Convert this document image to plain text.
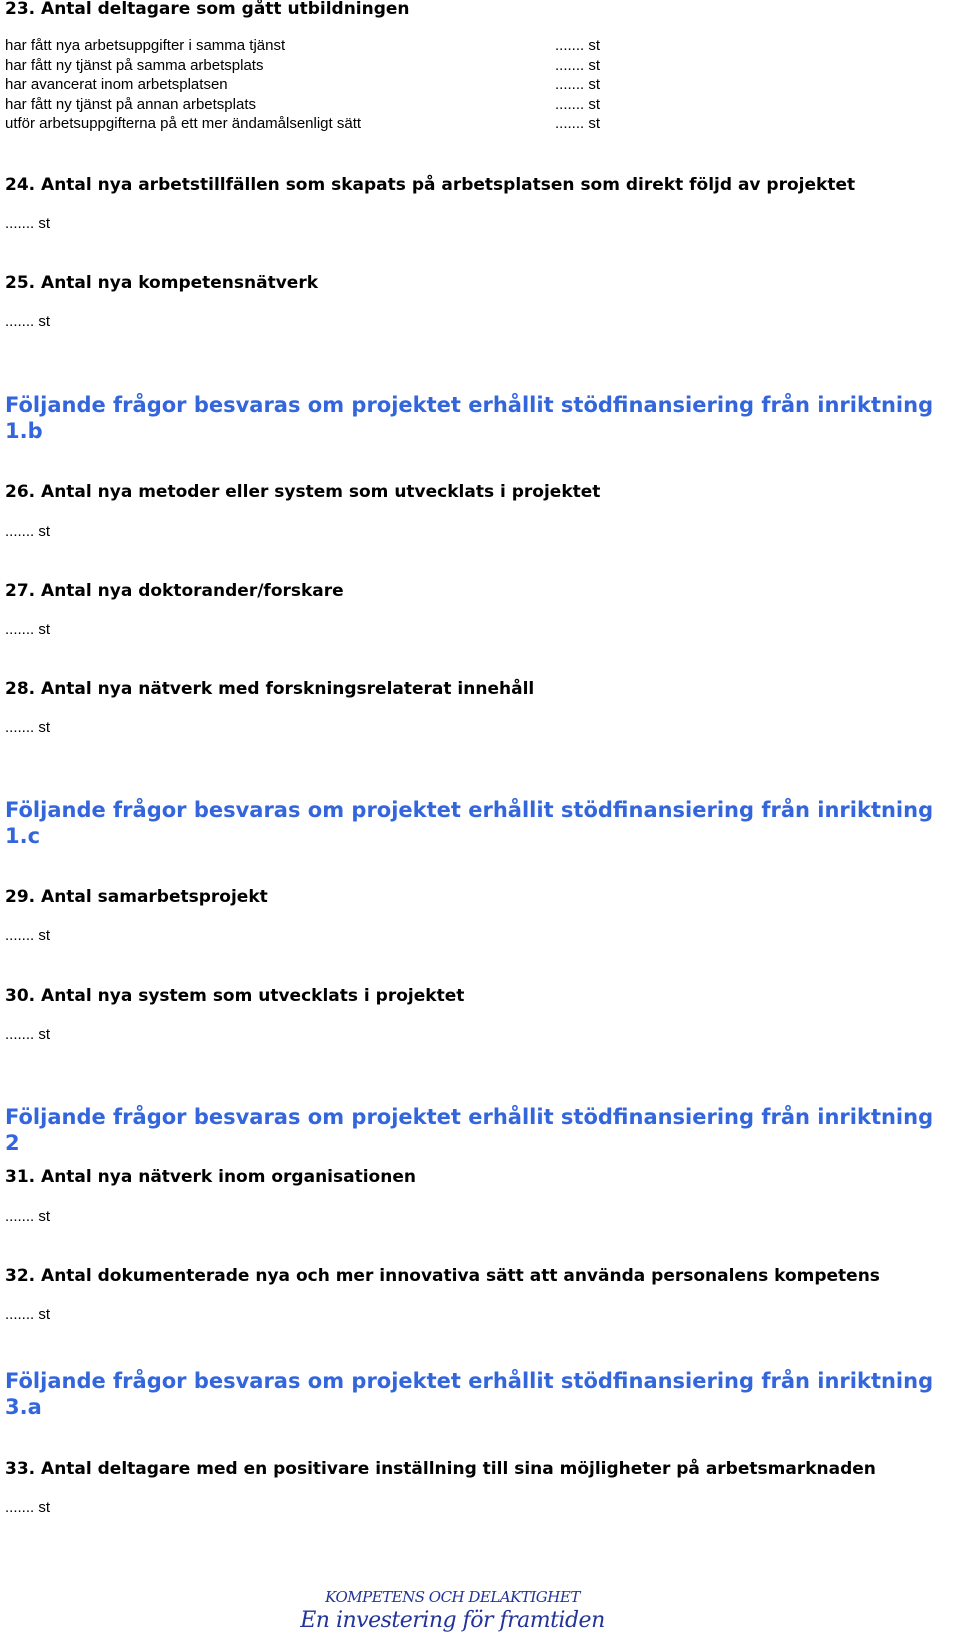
23. Antal deltagare som gått utbildningen

har fått nya arbetsuppgifter i samma tjänst	....... st
har fått ny tjänst på samma arbetsplats	....... st
har avancerat inom arbetsplatsen	....... st
har fått ny tjänst på annan arbetsplats	....... st
utför arbetsuppgifterna på ett mer ändamålsenligt sätt	....... st

24. Antal nya arbetstillfällen som skapats på arbetsplatsen som direkt följd av projektet

....... st

25. Antal nya kompetensnätverk

....... st

Följande frågor besvaras om projektet erhållit stödfinansiering från inriktning 1.b

26. Antal nya metoder eller system som utvecklats i projektet

....... st

27. Antal nya doktorander/forskare

....... st

28. Antal nya nätverk med forskningsrelaterat innehåll

....... st

Följande frågor besvaras om projektet erhållit stödfinansiering från inriktning 1.c

29. Antal samarbetsprojekt

....... st

30. Antal nya system som utvecklats i projektet

....... st

Följande frågor besvaras om projektet erhållit stödfinansiering från inriktning 2

31. Antal nya nätverk inom organisationen

....... st

32. Antal dokumenterade nya och mer innovativa sätt att använda personalens kompetens

....... st

Följande frågor besvaras om projektet erhållit stödfinansiering från inriktning 3.a

33. Antal deltagare med en positivare inställning till sina möjligheter på arbetsmarknaden

....... st

KOMPETENS OCH DELAKTIGHET
En investering för framtiden
